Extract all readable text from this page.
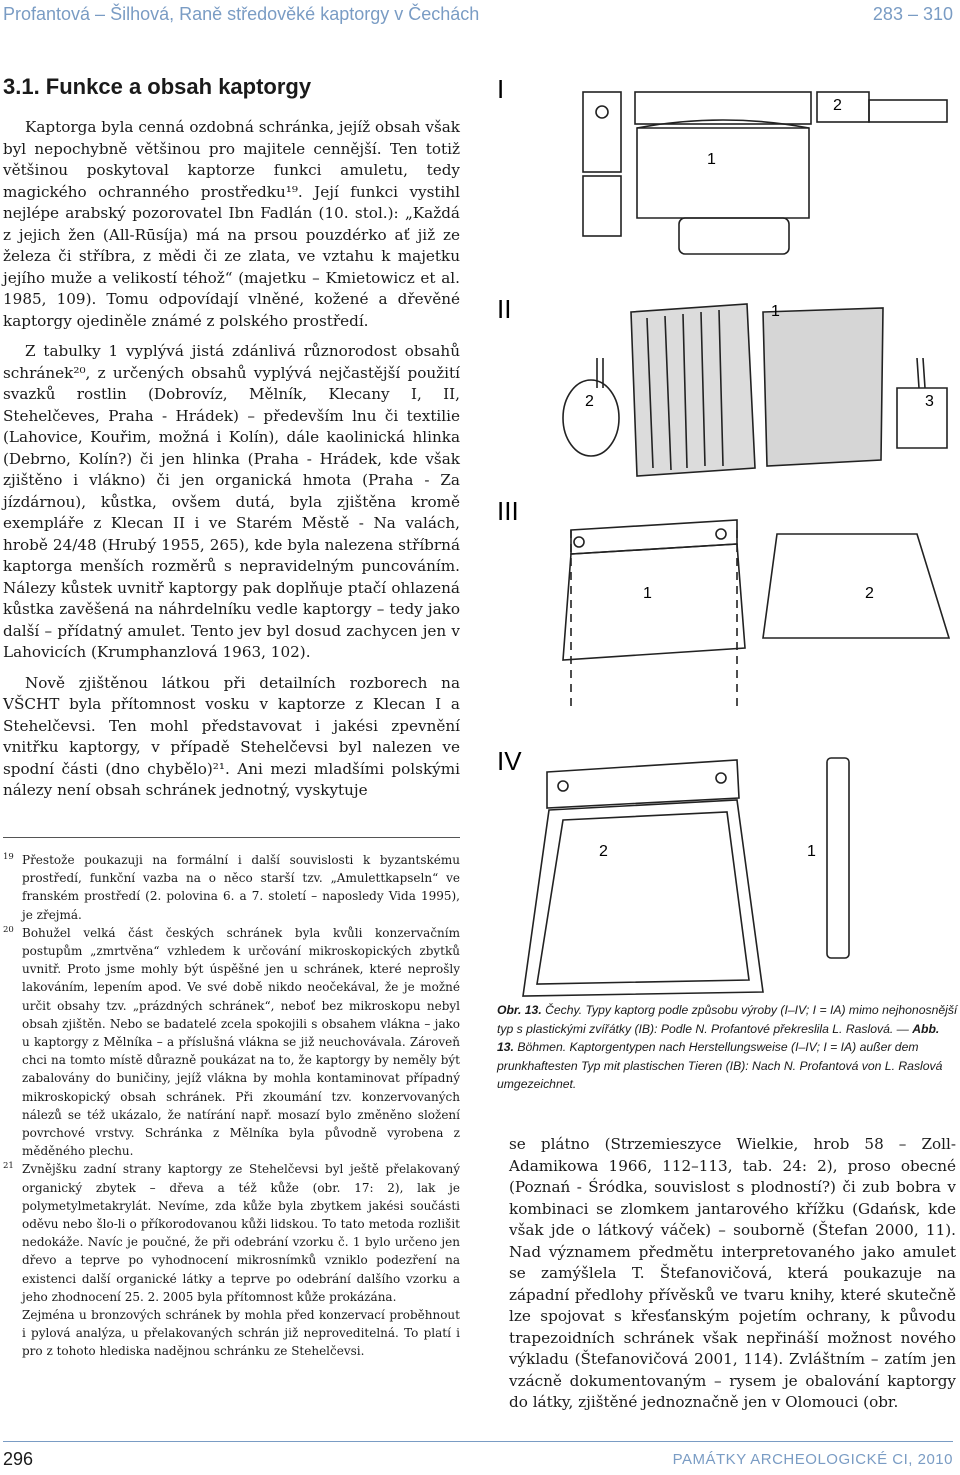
Profantová – Šilhová, Raně středověké kaptorgy v Čechách	283 – 310
3.1. Funkce a obsah kaptorgy

Kaptorga byla cenná ozdobná schránka, jejíž obsah však byl nepochybně většinou pro majitele cennější. Ten totiž většinou poskytoval kaptorze funkci amuletu, tedy magického ochranného prostředku¹⁹. Její funkci vystihl nejlépe arabský pozorovatel Ibn Fadlán (10. stol.): „Každá z jejich žen (All-Rūsíja) má na prsou pouzdérko ať již ze železa či stříbra, z mědi či ze zlata, ve vztahu k majetku jejího muže a velikostí téhož“ (majetku – Kmietowicz et al. 1985, 109). Tomu odpovídají vlněné, kožené a dřevěné kaptorgy ojediněle známé z polského prostředí.

Z tabulky 1 vyplývá jistá zdánlivá různorodost obsahů schránek²⁰, z určených obsahů vyplývá nejčastější použití svazků rostlin (Dobrovíz, Mělník, Klecany I, II, Stehelčeves, Praha - Hrádek) – především lnu či textilie (Lahovice, Kouřim, možná i Kolín), dále kaolinická hlinka (Debrno, Kolín?) či jen hlinka (Praha - Hrádek, kde však zjištěno i vlákno) či jen organická hmota (Praha - Za jízdárnou), kůstka, ovšem dutá, byla zjištěna kromě exempláře z Klecan II i ve Starém Městě - Na valách, hrobě 24/48 (Hrubý 1955, 265), kde byla nalezena stříbrná kaptorga menších rozměrů s nepravidelným puncováním. Nálezy kůstek uvnitř kaptorgy pak doplňuje ptačí ohlazená kůstka zavěšená na náhrdelníku vedle kaptorgy – tedy jako další – přídatný amulet. Tento jev byl dosud zachycen jen v Lahovicích (Krumphanzlová 1963, 102).

Nově zjištěnou látkou při detailních rozborech na VŠCHT byla přítomnost vosku v kaptorze z Klecan I a Stehelčevsi. Ten mohl představovat i jakési zpevnění vnitřku kaptorgy, v případě Stehelčevsi byl nalezen ve spodní části (dno chybělo)²¹. Ani mezi mladšími polskými nálezy není obsah schránek jednotný, vyskytuje

19 Přestože poukazuji na formální i další souvislosti k byzantskému prostředí, funkční vazba na o něco starší tzv. „Amulettkapseln“ ve franském prostředí (2. polovina 6. a 7. století – naposledy Vida 1995), je zřejmá.

20 Bohužel velká část českých schránek byla kvůli konzervačním postupům „zmrtvěna“ vzhledem k určování mikroskopických zbytků uvnitř. Proto jsme mohly být úspěšné jen u schránek, které neprošly lakováním, lepením apod. Ve své době nikdo neočekával, že je možné určit obsahy tzv. „prázdných schránek“, neboť bez mikroskopu nebyl obsah zjištěn. Nebo se badatelé zcela spokojili s obsahem vlákna – jako u kaptorgy z Mělníka – a příslušná vlákna se již neuchovávala. Zároveň chci na tomto místě důrazně poukázat na to, že kaptorgy by neměly být zabalovány do buničiny, jejíž vlákna by mohla kontaminovat případný mikroskopický obsah schránek. Při zkoumání tzv. konzervovaných nálezů se též ukázalo, že natírání např. mosazí bylo změněno složení povrchové vrstvy. Schránka z Mělníka byla původně vyrobena z měděného plechu.

21 Zvnějšku zadní strany kaptorgy ze Stehelčevsi byl ještě přelakovaný organický zbytek – dřeva a též kůže (obr. 17: 2), lak je polymetylmetakrylát. Nevíme, zda kůže byla zbytkem jakési součásti oděvu nebo šlo-li o příkorodovanou kůži lidskou. To tato metoda rozlišit nedokáže. Navíc je poučné, že při odebrání vzorku č. 1 bylo určeno jen dřevo a teprve po vyhodnocení mikrosnímků vzniklo podezření na existenci další organické látky a teprve po odebrání dalšího vzorku a jeho zhodnocení 25. 2. 2005 byla přítomnost kůže prokázána.

Zejména u bronzových schránek by mohla před konzervací proběhnout i pylová analýza, u přelakovaných schrán již neproveditelná. To platí i pro z tohoto hlediska nadějnou schránku ze Stehelčevsi.

I
1
2
II
2
1
3
III
1	2
IV
2	1
Obr. 13. Čechy. Typy kaptorg podle způsobu výroby (I–IV; I = IA) mimo nejhonosnější typ s plastickými zvířátky (IB): Podle N. Profantové překreslila L. Raslová. — Abb. 13. Böhmen. Kaptorgentypen nach Herstellungsweise (I–IV; I = IA) außer dem prunkhaftesten Typ mit plastischen Tieren (IB): Nach N. Profantová von L. Raslová umgezeichnet.

se plátno (Strzemieszyce Wielkie, hrob 58 – Zoll-Adamikowa 1966, 112–113, tab. 24: 2), proso obecné (Poznań - Śródka, souvislost s plodností?) či zub bobra v kombinaci se zlomkem jantarového křížku (Gdańsk, kde však jde o látkový váček) – souborně (Štefan 2000, 11). Nad významem předmětu interpretovaného jako amulet se zamýšlela T. Štefanovičová, která poukazuje na západní předlohy přívěsků ve tvaru knihy, které skutečně lze spojovat s křesťanským pojetím ochrany, k původu trapezoidních schránek však nepřináší možnost nového výkladu (Štefanovičová 2001, 114). Zvláštním – zatím jen vzácně dokumentovaným – rysem je obalování kaptorgy do látky, zjištěné jednoznačně jen v Olomouci (obr.

296	PAMÁTKY ARCHEOLOGICKÉ CI, 2010
